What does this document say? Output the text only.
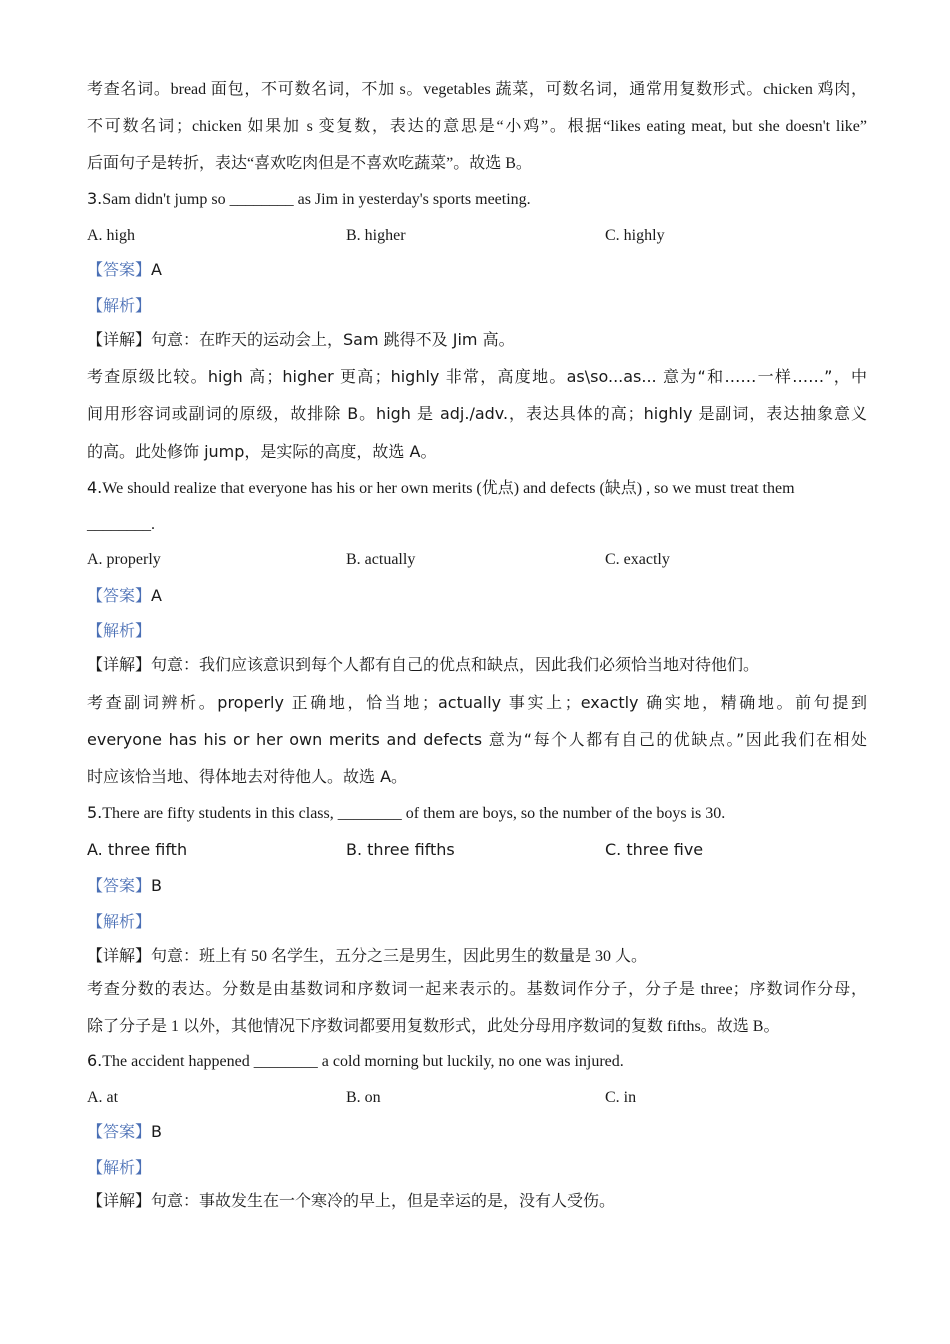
考查名词。bread 面包，不可数名词，不加 s。vegetables 蔬菜，可数名词，通常用复数形式。chicken 鸡肉，
不可数名词；chicken 如果加 s 变复数，表达的意思是“小鸡”。根据“likes eating meat, but she doesn't like”
后面句子是转折，表达“喜欢吃肉但是不喜欢吃蔬菜”。故选 B。
3.Sam didn't jump so ________ as Jim in yesterday's sports meeting.
A. high	B. higher	C. highly
【答案】A
【解析】
【详解】句意：在昨天的运动会上，Sam 跳得不及 Jim 高。
考查原级比较。high 高；higher 更高；highly 非常，高度地。as\so...as... 意为“和……一样……”，中
间用形容词或副词的原级，故排除 B。high 是 adj./adv.，表达具体的高；highly 是副词，表达抽象意义
的高。此处修饰 jump，是实际的高度，故选 A。
4.We should realize that everyone has his or her own merits (优点) and defects (缺点) , so we must treat them
________.
A. properly	B. actually	C. exactly
【答案】A
【解析】
【详解】句意：我们应该意识到每个人都有自己的优点和缺点，因此我们必须恰当地对待他们。
考查副词辨析。properly 正确地，恰当地；actually 事实上；exactly 确实地，精确地。前句提到
everyone has his or her own merits and defects 意为“每个人都有自己的优缺点。”因此我们在相处
时应该恰当地、得体地去对待他人。故选 A。
5.There are fifty students in this class, ________ of them are boys, so the number of the boys is 30.
A. three fifth	B. three fifths	C. three five
【答案】B
【解析】
【详解】句意：班上有 50 名学生，五分之三是男生，因此男生的数量是 30 人。
考查分数的表达。分数是由基数词和序数词一起来表示的。基数词作分子，分子是 three；序数词作分母，
除了分子是 1 以外，其他情况下序数词都要用复数形式，此处分母用序数词的复数 fifths。故选 B。
6.The accident happened ________ a cold morning but luckily, no one was injured.
A. at	B. on	C. in
【答案】B
【解析】
【详解】句意：事故发生在一个寒冷的早上，但是幸运的是，没有人受伤。
